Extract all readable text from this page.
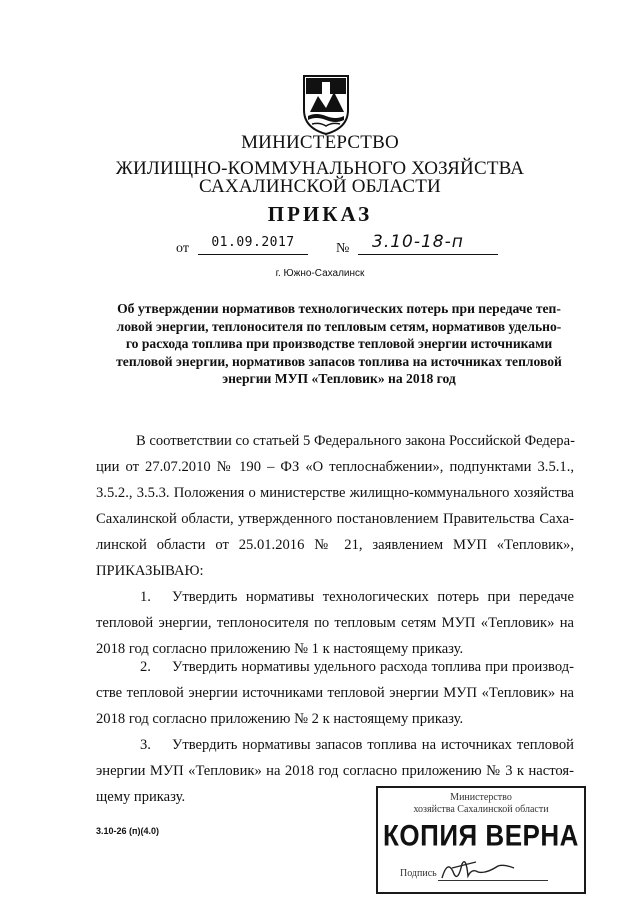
МИНИСТЕРСТВО
ЖИЛИЩНО-КОММУНАЛЬНОГО ХОЗЯЙСТВА
САХАЛИНСКОЙ ОБЛАСТИ
ПРИКАЗ
от	01.09.2017	№ 3.10-18-п
г. Южно-Сахалинск
Об утверждении нормативов технологических потерь при передаче теп-
ловой энергии, теплоносителя по тепловым сетям, нормативов удельно-
го расхода топлива при производстве тепловой энергии источниками
тепловой энергии, нормативов запасов топлива на источниках тепловой
энергии МУП «Тепловик» на 2018 год
В соответствии со статьей 5 Федерального закона Российской Федера-
ции от 27.07.2010 № 190 – ФЗ «О теплоснабжении», подпунктами 3.5.1.,
3.5.2., 3.5.3. Положения о министерстве жилищно-коммунального хозяйства
Сахалинской области, утвержденного постановлением Правительства Саха-
линской области от 25.01.2016 № 21, заявлением МУП «Тепловик»,
ПРИКАЗЫВАЮ:
1. Утвердить нормативы технологических потерь при передаче
тепловой энергии, теплоносителя по тепловым сетям МУП «Тепловик» на
2018 год согласно приложению № 1 к настоящему приказу.
2. Утвердить нормативы удельного расхода топлива при производ-
стве тепловой энергии источниками тепловой энергии МУП «Тепловик» на
2018 год согласно приложению № 2 к настоящему приказу.
3. Утвердить нормативы запасов топлива на источниках тепловой
энергии МУП «Тепловик» на 2018 год согласно приложению № 3 к настоя-
щему приказу.
3.10-26 (п)(4.0)
Министерство
хозяйства Сахалинской области
КОПИЯ ВЕРНА
Подпись
